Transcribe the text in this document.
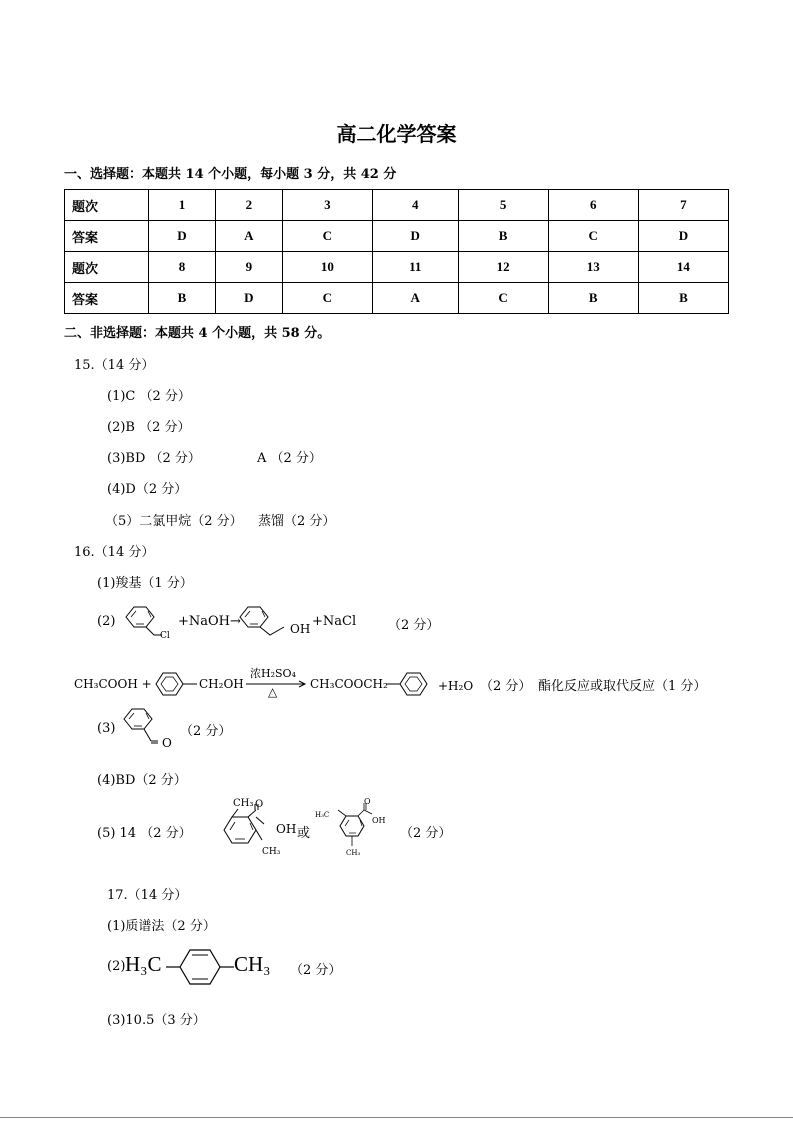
高二化学答案
一、选择题：本题共 14 个小题，每小题 3 分，共 42 分
题次	1	2	3	4	5	6	7
答案	D	A	C	D	B	C	D
题次	8	9	10	11	12	13	14
答案	B	D	C	A	C	B	B
二、非选择题：本题共 4 个小题，共 58 分。
15.（14 分）
(1)C （2 分）
(2)B （2 分）
(3)BD （2 分）	A （2 分）
(4)D（2 分）
（5）二氯甲烷（2 分） 蒸馏（2 分）
16.（14 分）
(1)羧基（1 分）
(2)
Cl
+NaOH→	OH +NaCl （2 分）
CH₃COOH +	CH₂OH
浓H₂SO₄
△
CH₃COOCH₂	+H₂O （2 分） 酯化反应或取代反应（1 分）
(3)
O
（2 分）
(4)BD（2 分）
(5) 14 （2 分）
CH₃ O
OH 或
CH₃
H₃C
O
OH
CH₃
（2 分）
17.（14 分）
(1)质谱法（2 分）
(2) H₃C	CH₃ （2 分）
(3)10.5（3 分）
